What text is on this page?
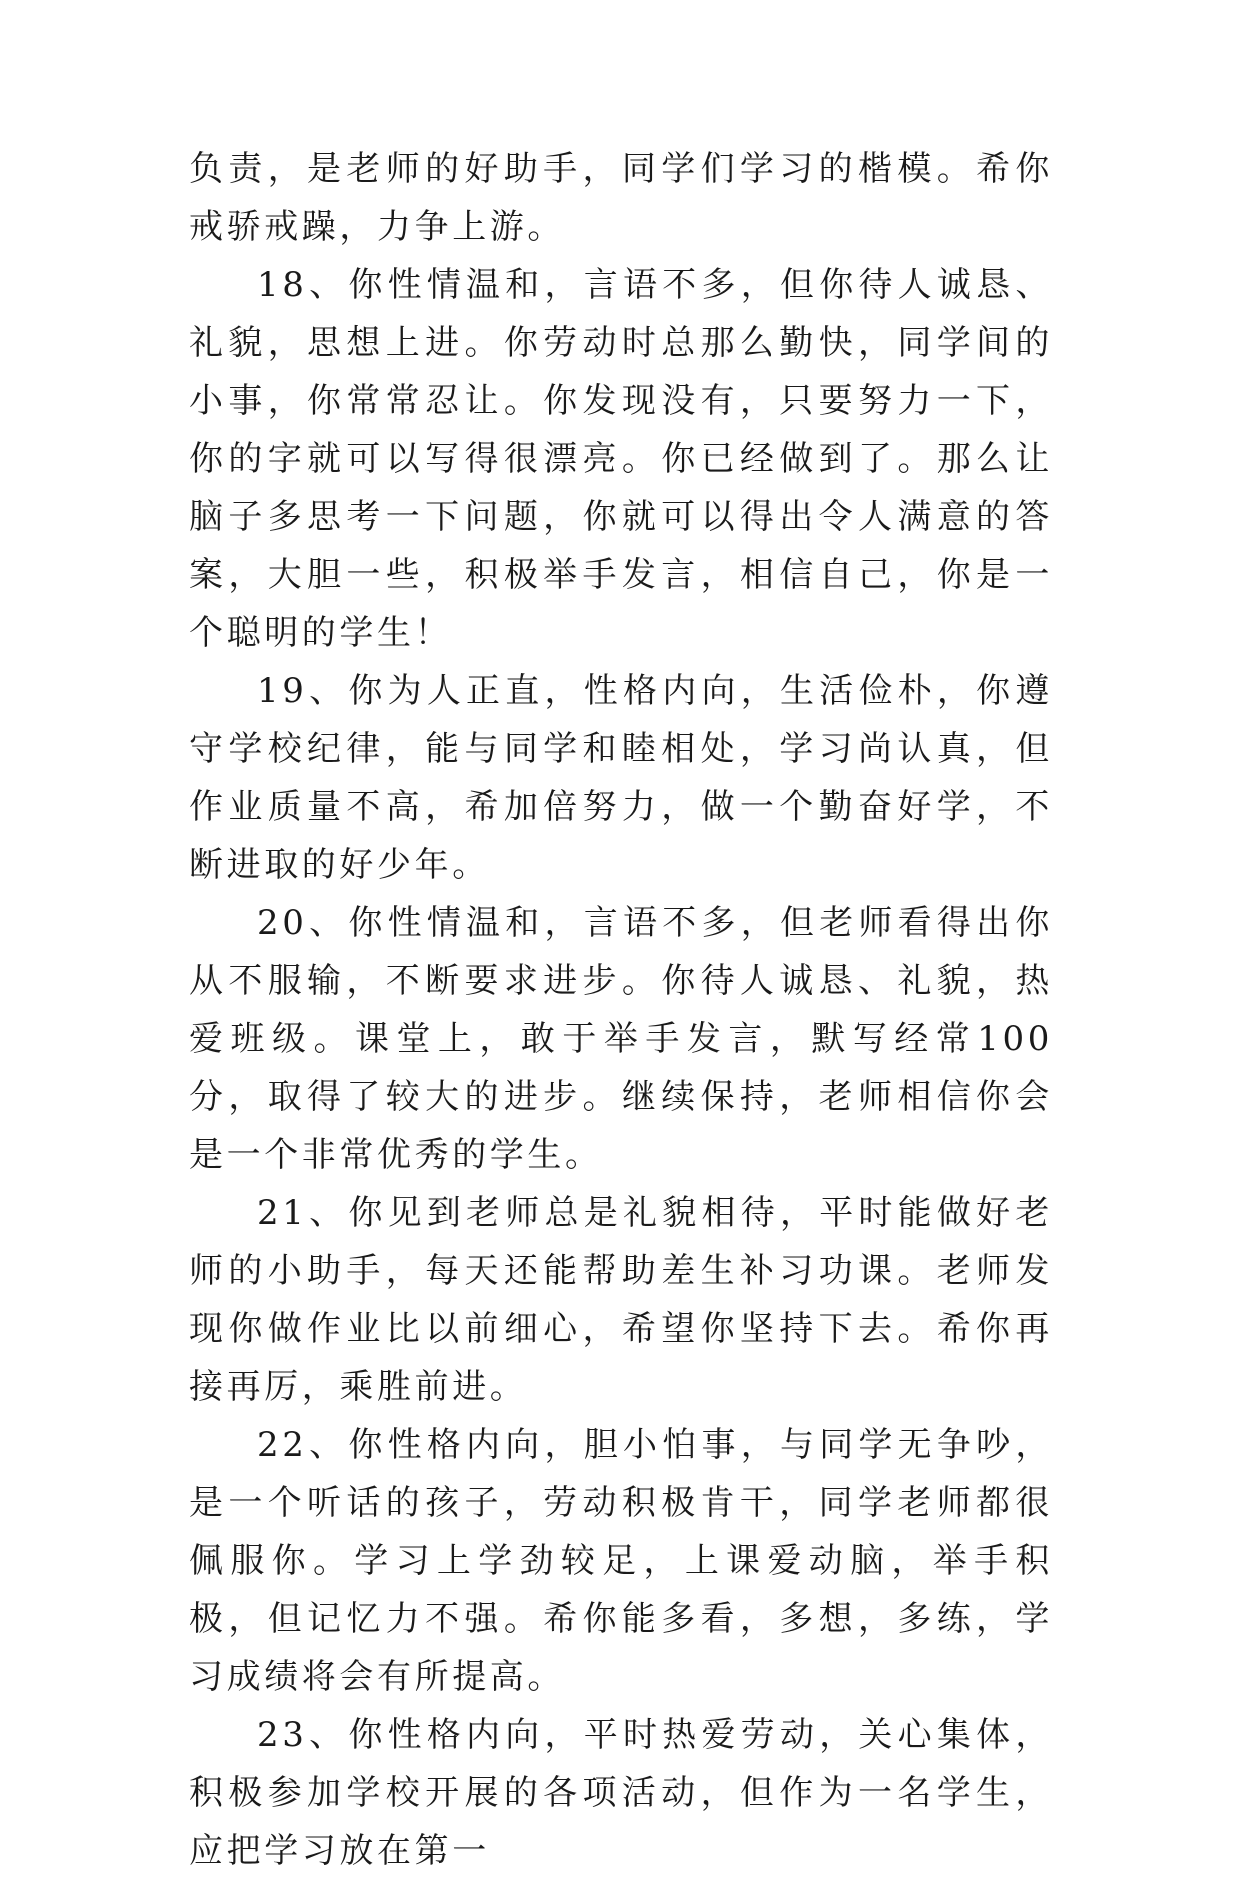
负责，是老师的好助手，同学们学习的楷模。希你戒骄戒躁，力争上游。

18、你性情温和，言语不多，但你待人诚恳、礼貌，思想上进。你劳动时总那么勤快，同学间的小事，你常常忍让。你发现没有，只要努力一下，你的字就可以写得很漂亮。你已经做到了。那么让脑子多思考一下问题，你就可以得出令人满意的答案，大胆一些，积极举手发言，相信自己，你是一个聪明的学生！

19、你为人正直，性格内向，生活俭朴，你遵守学校纪律，能与同学和睦相处，学习尚认真，但作业质量不高，希加倍努力，做一个勤奋好学，不断进取的好少年。

20、你性情温和，言语不多，但老师看得出你从不服输，不断要求进步。你待人诚恳、礼貌，热爱班级。课堂上，敢于举手发言，默写经常100分，取得了较大的进步。继续保持，老师相信你会是一个非常优秀的学生。

21、你见到老师总是礼貌相待，平时能做好老师的小助手，每天还能帮助差生补习功课。老师发现你做作业比以前细心，希望你坚持下去。希你再接再厉，乘胜前进。

22、你性格内向，胆小怕事，与同学无争吵，是一个听话的孩子，劳动积极肯干，同学老师都很佩服你。学习上学劲较足，上课爱动脑，举手积极，但记忆力不强。希你能多看，多想，多练，学习成绩将会有所提高。

23、你性格内向，平时热爱劳动，关心集体，积极参加学校开展的各项活动，但作为一名学生，应把学习放在第一
